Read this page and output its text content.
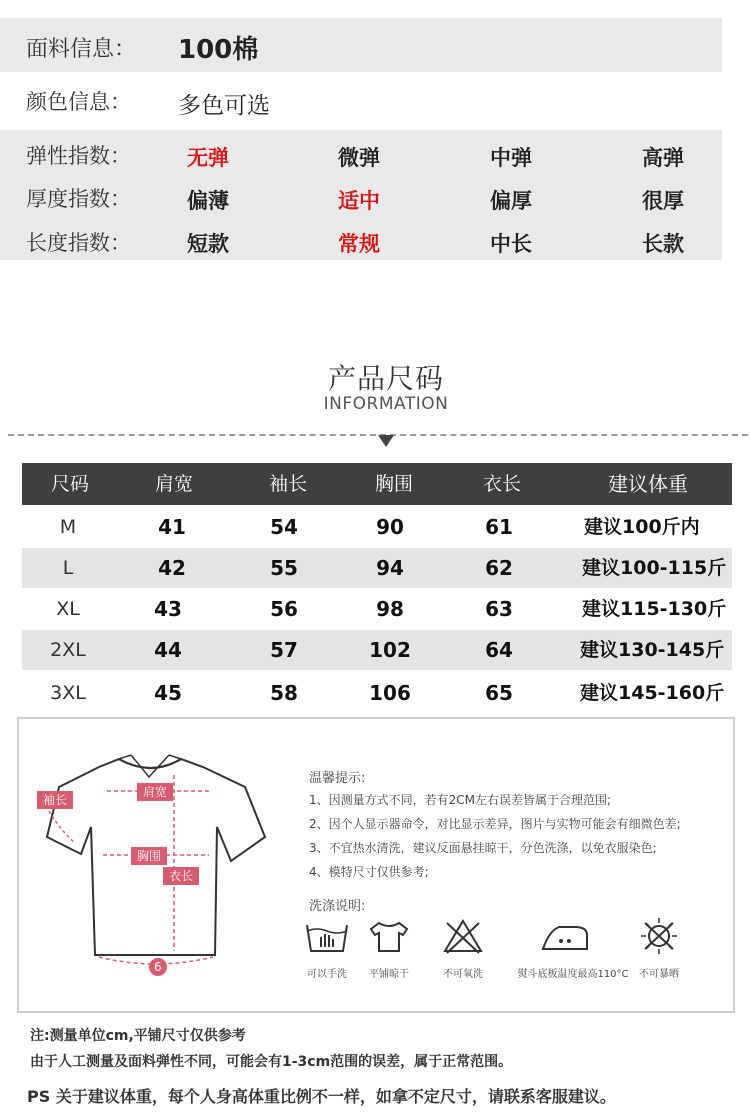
面料信息： 100棉
颜色信息： 多色可选
弹性指数：	无弹	微弹	中弹	高弹
厚度指数：	偏薄	适中	偏厚	很厚
长度指数：	短款	常规	中长	长款
产品尺码
INFORMATION
尺码	肩宽	袖长	胸围	衣长	建议体重
M	41	54	90	61	建议100斤内
L	42	55	94	62	建议100-115斤
XL	43	56	98	63	建议115-130斤
2XL	44	57	102	64	建议130-145斤
3XL	45	58	106	65	建议145-160斤
袖长
肩宽
胸围
衣长
6
温馨提示:
1、因测量方式不同，若有2CM左右误差皆属于合理范围;
2、因个人显示器命令，对比显示差异，图片与实物可能会有细微色差;
3、不宜热水清洗，建议反面悬挂晾干，分色洗涤，以免衣服染色;
4、模特尺寸仅供参考;
洗涤说明:
可以手洗	平铺晾干	不可氧洗	熨斗底板温度最高110°C	不可暴晒
注:测量单位cm,平铺尺寸仅供参考
由于人工测量及面料弹性不同，可能会有1-3cm范围的误差，属于正常范围。
PS 关于建议体重，每个人身高体重比例不一样，如拿不定尺寸，请联系客服建议。
